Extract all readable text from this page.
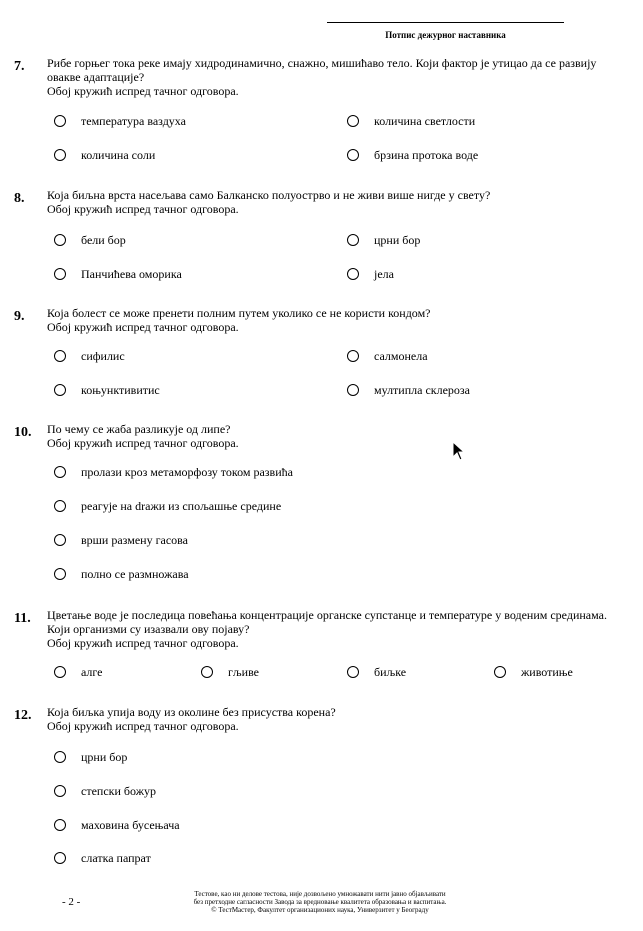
Потпис дежурног наставника
7. Рибе горњег тока реке имају хидродинамично, снажно, мишићаво тело. Који фактор је утицао да се развију овакве адаптације?
Обој кружић испред тачног одговора.
температура ваздуха	количина светлости
количина соли	брзина протока воде
8. Која биљна врста насељава само Балканско полуострво и не живи више нигде у свету?
Обој кружић испред тачног одговора.
бели бор	црни бор
Панчићева оморика	јела
9. Која болест се може пренети полним путем уколико се не користи кондом?
Обој кружић испред тачног одговора.
сифилис	салмонела
коњунктивитис	мултипла склероза
10. По чему се жаба разликује од липе?
Обој кружић испред тачног одговора.
пролази кроз метаморфозу током развића
реагује на draжи из спољашње средине
врши размену гасова
полно се размножава
11. Цветање воде је последица повећања концентрације органске супстанце и температуре у воденим срединама. Који организми су изазвали ову појаву?
Обој кружић испред тачног одговора.
алге	гљиве	биљке	животиње
12. Која биљка упија воду из околине без присуства корена?
Обој кружић испред тачног одговора.
црни бор
степски божур
маховина бусењача
слатка папрат
- 2 -
Тестове, као ни делове тестова, није дозвољено умножавати нити јавно објављивати
без претходне сагласности Завода за вредновање квалитета образовања и васпитања.
© ТестМастер, Факултет организационих наука, Универзитет у Београду
